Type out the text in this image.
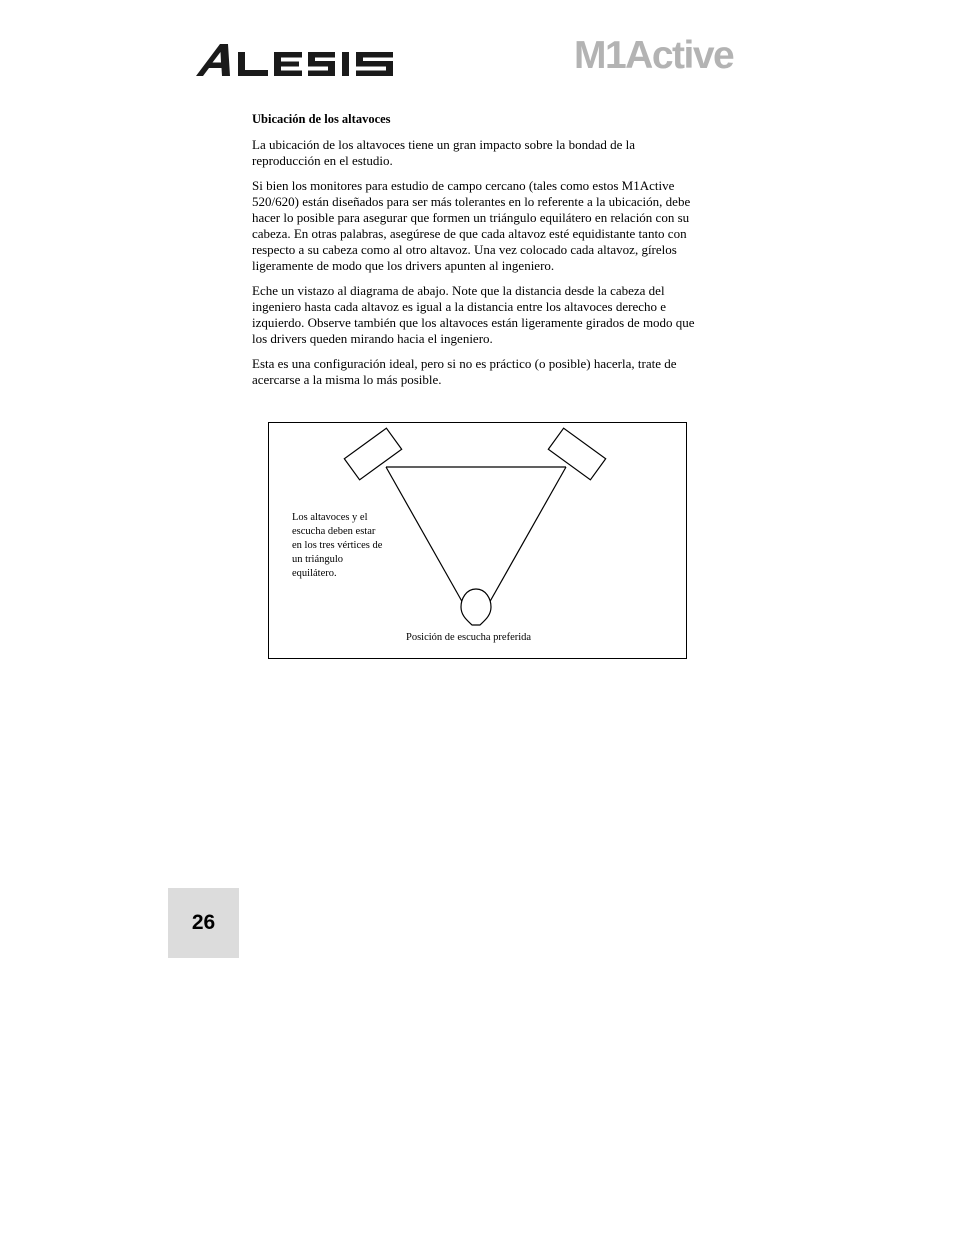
M1Active
Ubicación de los altavoces

La ubicación de los altavoces tiene un gran impacto sobre la bondad de la reproducción en el estudio.

Si bien los monitores para estudio de campo cercano (tales como estos M1Active 520/620) están diseñados para ser más tolerantes en lo referente a la ubicación, debe hacer lo posible para asegurar que formen un triángulo equilátero en relación con su cabeza. En otras palabras, asegúrese de que cada altavoz esté equidistante tanto con respecto a su cabeza como al otro altavoz. Una vez colocado cada altavoz, gírelos ligeramente de modo que los drivers apunten al ingeniero.

Eche un vistazo al diagrama de abajo. Note que la distancia desde la cabeza del ingeniero hasta cada altavoz es igual a la distancia entre los altavoces derecho e izquierdo. Observe también que los altavoces están ligeramente girados de modo que los drivers queden mirando hacia el ingeniero.

Esta es una configuración ideal, pero si no es práctico (o posible) hacerla, trate de acercarse a la misma lo más posible.

Los altavoces y el escucha deben estar en los tres vértices de un triángulo equilátero.
Posición de escucha preferida
26
